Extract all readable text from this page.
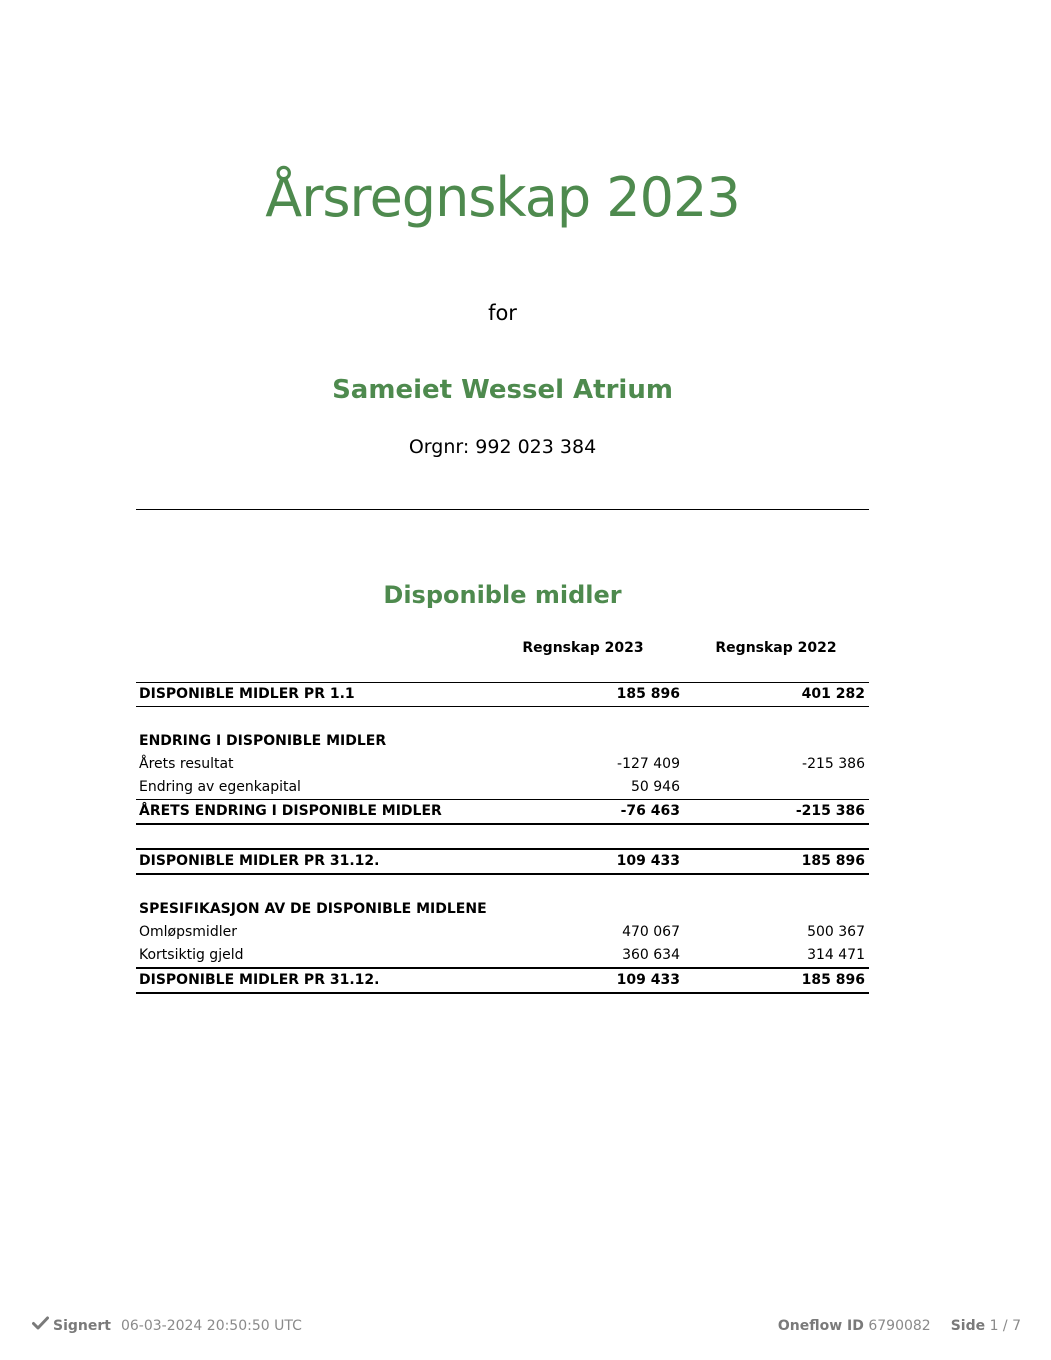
Årsregnskap 2023
for
Sameiet Wessel Atrium
Orgnr: 992 023 384
Disponible midler
Regnskap 2023	Regnskap 2022
DISPONIBLE MIDLER PR 1.1	185 896	401 282
ENDRING I DISPONIBLE MIDLER
Årets resultat	-127 409	-215 386
Endring av egenkapital	50 946
ÅRETS ENDRING I DISPONIBLE MIDLER	-76 463	-215 386
DISPONIBLE MIDLER PR 31.12.	109 433	185 896
SPESIFIKASJON AV DE DISPONIBLE MIDLENE
Omløpsmidler	470 067	500 367
Kortsiktig gjeld	360 634	314 471
DISPONIBLE MIDLER PR 31.12.	109 433	185 896
Signert 06-03-2024 20:50:50 UTC	Oneflow ID 6790082 Side 1 / 7
